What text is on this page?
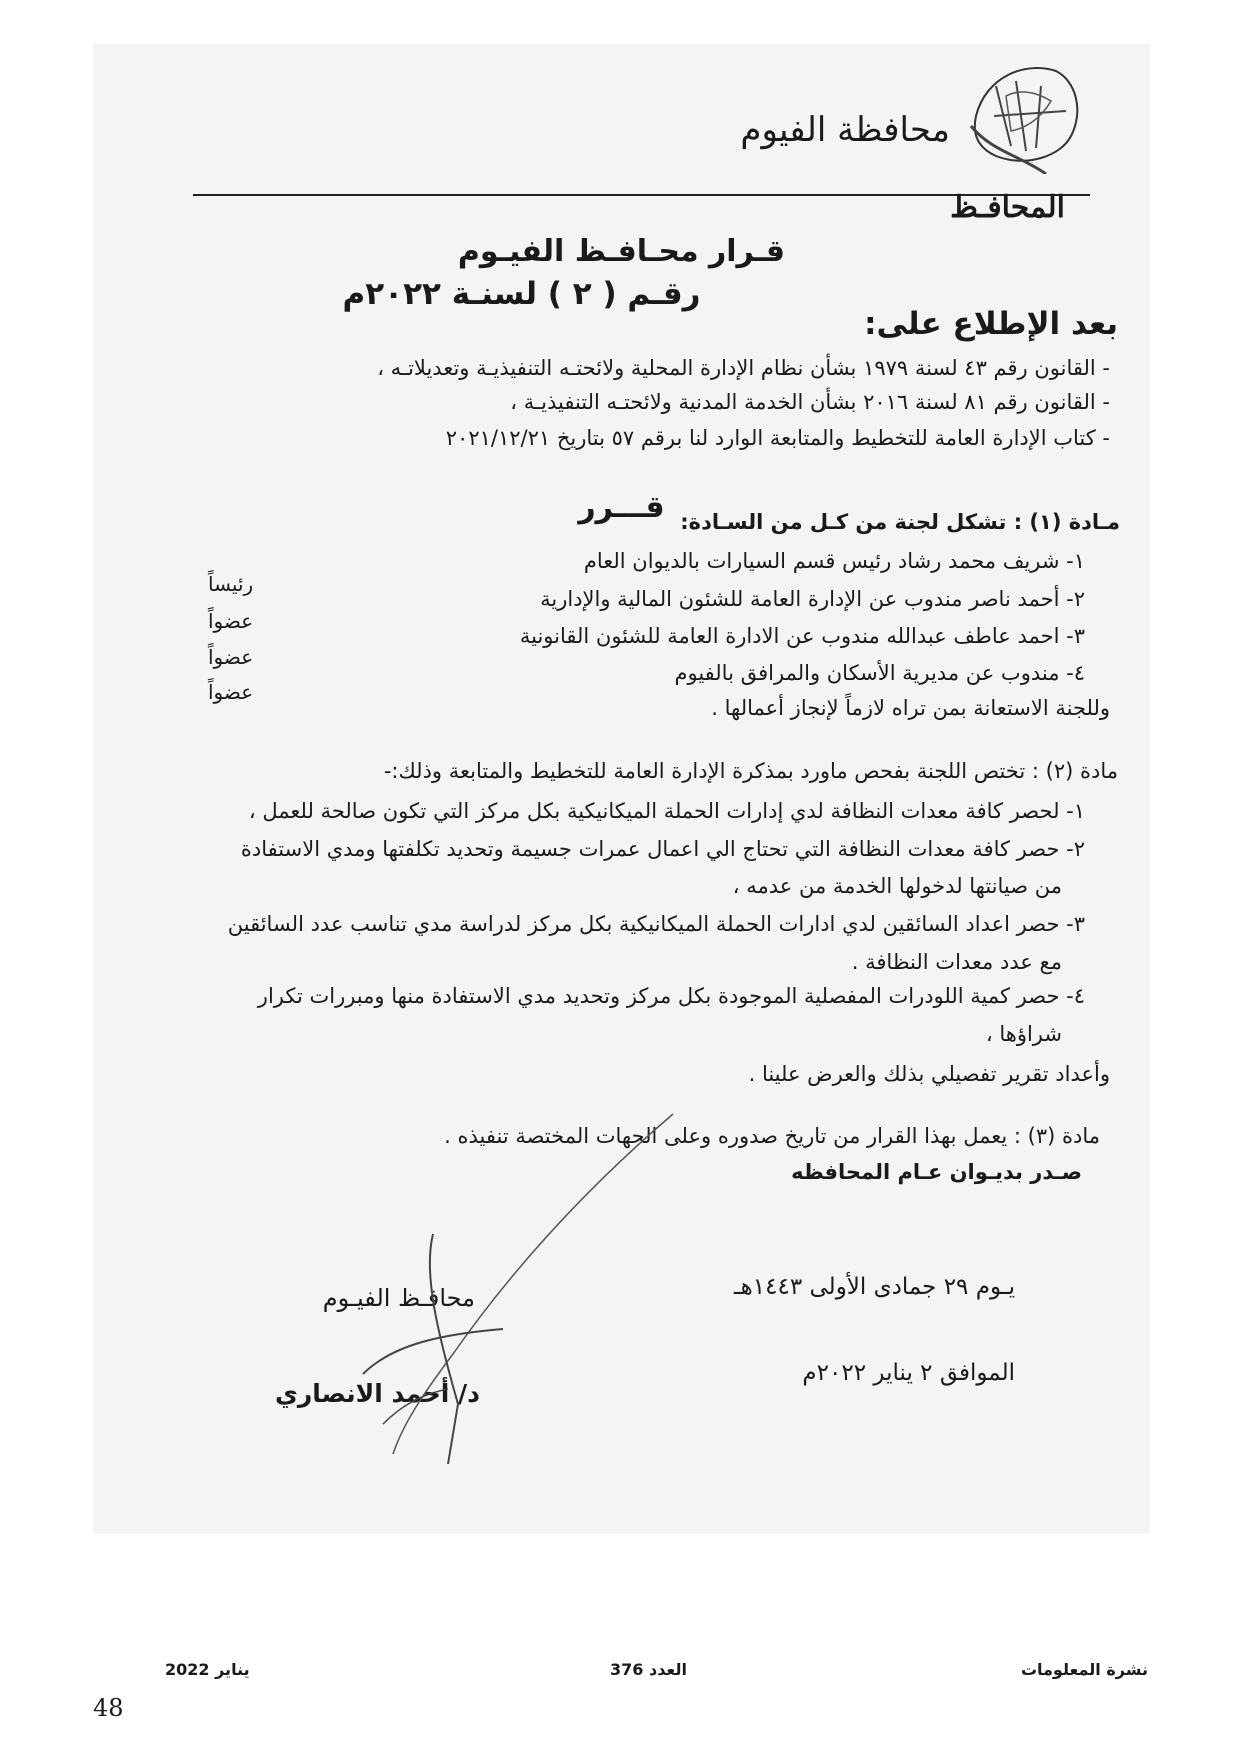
محافظة الفيوم
المحافـظ
قـرار محـافـظ الفيـوم
رقـم ( ٢ ) لسنـة ٢٠٢٢م
بعد الإطلاع على:
- القانون رقم ٤٣ لسنة ١٩٧٩ بشأن نظام الإدارة المحلية ولائحتـه التنفيذيـة وتعديلاتـه ،
- القانون رقم ٨١ لسنة ٢٠١٦ بشأن الخدمة المدنية ولائحتـه التنفيذيـة ،
- كتاب الإدارة العامة للتخطيط والمتابعة الوارد لنا برقم ٥٧ بتاريخ ٢٠٢١/١٢/٢١
قـــرر مـادة (١) : تشكل لجنة من كـل من السـادة:
١- شريف محمد رشاد رئيس قسم السيارات بالديوان العام
رئيساً
٢- أحمد ناصر مندوب عن الإدارة العامة للشئون المالية والإدارية
عضواً
٣- احمد عاطف عبدالله مندوب عن الادارة العامة للشئون القانونية
عضواً
٤- مندوب عن مديرية الأسكان والمرافق بالفيوم
عضواً
وللجنة الاستعانة بمن تراه لازماً لإنجاز أعمالها .
مادة (٢) : تختص اللجنة بفحص ماورد بمذكرة الإدارة العامة للتخطيط والمتابعة وذلك:-
١- لحصر كافة معدات النظافة لدي إدارات الحملة الميكانيكية بكل مركز التي تكون صالحة للعمل ،
٢- حصر كافة معدات النظافة التي تحتاج الي اعمال عمرات جسيمة وتحديد تكلفتها ومدي الاستفادة
من صيانتها لدخولها الخدمة من عدمه ،
٣- حصر اعداد السائقين لدي ادارات الحملة الميكانيكية بكل مركز لدراسة مدي تناسب عدد السائقين
مع عدد معدات النظافة .
٤- حصر كمية اللودرات المفصلية الموجودة بكل مركز وتحديد مدي الاستفادة منها ومبررات تكرار
شراؤها ،
وأعداد تقرير تفصيلي بذلك والعرض علينا .
مادة (٣) : يعمل بهذا القرار من تاريخ صدوره وعلى الجهات المختصة تنفيذه .
صـدر بديـوان عـام المحافظه
يـوم ٢٩ جمادى الأولى ١٤٤٣هـ
الموافق ٢ يناير ٢٠٢٢م
محافـظ الفيـوم
د/ أحمد الانصاري
نشرة المعلومات
العدد 376
يناير 2022
48
